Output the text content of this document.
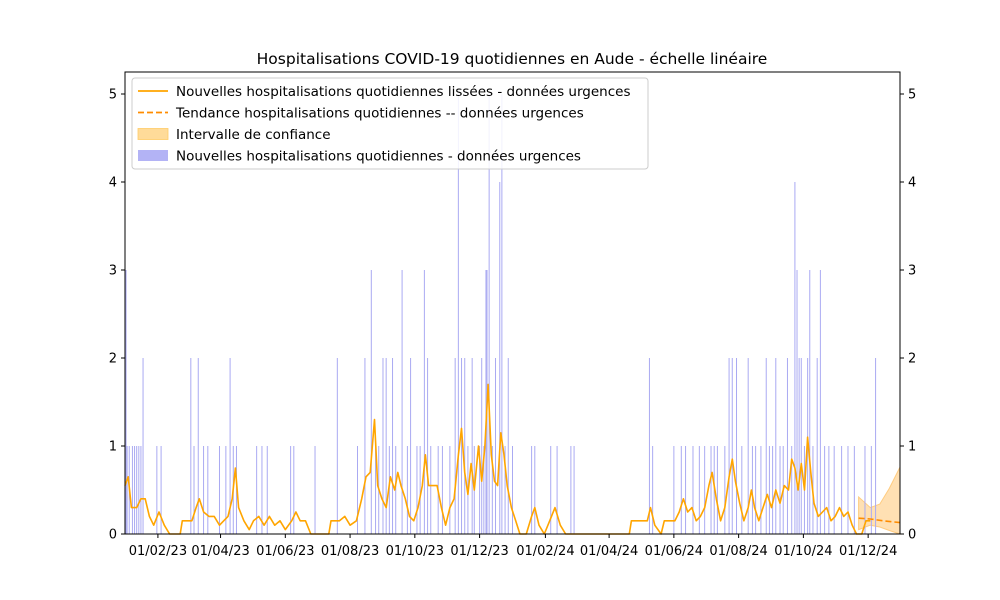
Hospitalisations COVID-19 quotidiennes en Aude - échelle linéaire
0	0
1	1
2	2
3	3
4	4
5	5
01/02/23 01/04/23 01/06/23 01/08/23 01/10/23 01/12/23 01/02/24 01/04/24 01/06/24 01/08/24 01/10/24 01/12/24
Nouvelles hospitalisations quotidiennes lissées - données urgences
Tendance hospitalisations quotidiennes -- données urgences
Intervalle de confiance
Nouvelles hospitalisations quotidiennes - données urgences
